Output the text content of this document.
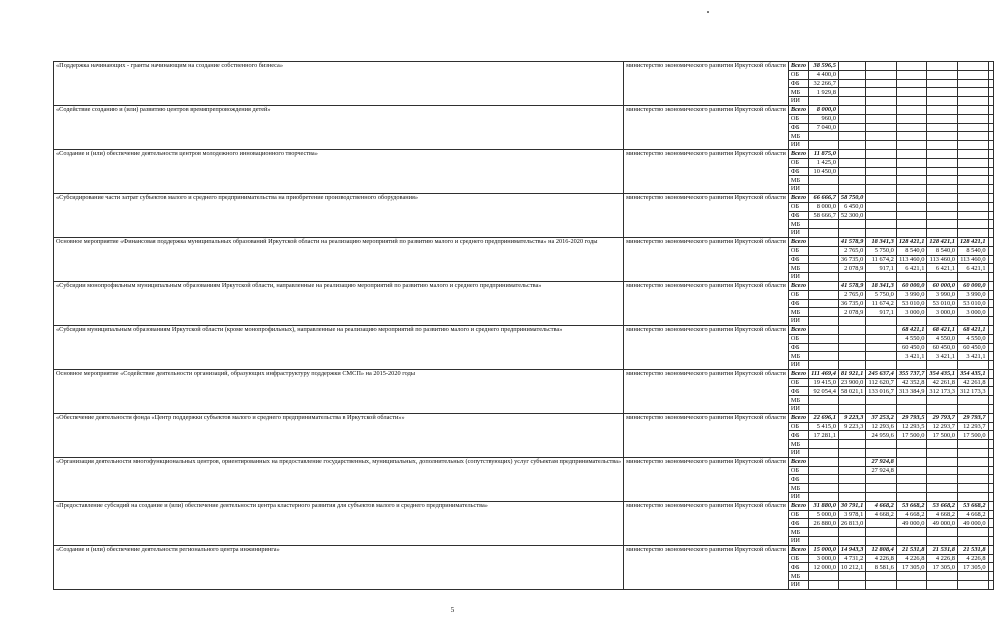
«Поддержка начинающих - гранты начинающим на создание собственного бизнеса»	министерство экономического развития Иркутской области	Всего	38 596,5						
		ОБ	4 400,0						
		ФБ	32 266,7						
		МБ	1 929,8						
		ИИ							
«Содействие созданию и (или) развитию центров времяпрепровождения детей»	министерство экономического развития Иркутской области	Всего	8 000,0						
		ОБ	960,0						
		ФБ	7 040,0						
		МБ							
		ИИ							
«Создание и (или) обеспечение деятельности центров молодежного инновационного творчества»	министерство экономического развития Иркутской области	Всего	11 875,0						
		ОБ	1 425,0						
		ФБ	10 450,0						
		МБ							
		ИИ							
«Субсидирование части затрат субъектов малого и среднего предпринимательства на приобретение производственного оборудования»	министерство экономического развития Иркутской области	Всего	66 666,7	58 750,0					
		ОБ	8 000,0	6 450,0					
		ФБ	58 666,7	52 300,0					
		МБ							
		ИИ							
Основное мероприятие «Финансовая поддержка муниципальных образований Иркутской области на реализацию мероприятий по развитию малого и среднего предпринимательства» на 2016-2020 годы	министерство экономического развития Иркутской области	Всего		41 578,9	18 341,3	128 421,1	128 421,1	128 421,1	
		ОБ		2 765,0	5 750,0	8 540,0	8 540,0	8 540,0	
		ФБ		36 735,0	11 674,2	113 460,0	113 460,0	113 460,0	
		МБ		2 078,9	917,1	6 421,1	6 421,1	6 421,1	
		ИИ							
«Субсидии монопрофильным муниципальным образованиям Иркутской области, направленные на реализацию мероприятий по развитию малого и среднего предпринимательства»	министерство экономического развития Иркутской области	Всего		41 578,9	18 341,3	60 000,0	60 000,0	60 000,0	
		ОБ		2 765,0	5 750,0	3 990,0	3 990,0	3 990,0	
		ФБ		36 735,0	11 674,2	53 010,0	53 010,0	53 010,0	
		МБ		2 078,9	917,1	3 000,0	3 000,0	3 000,0	
		ИИ							
«Субсидии муниципальным образованиям Иркутской области (кроме монопрофильных), направленные на реализацию мероприятий по развитию малого и среднего предпринимательства»	министерство экономического развития Иркутской области	Всего				68 421,1	68 421,1	68 421,1	
		ОБ				4 550,0	4 550,0	4 550,0	
		ФБ				60 450,0	60 450,0	60 450,0	
		МБ				3 421,1	3 421,1	3 421,1	
		ИИ							
Основное мероприятие «Содействие деятельности организаций, образующих инфраструктуру поддержки СМСП» на 2015-2020 годы	министерство экономического развития Иркутской области	Всего	111 469,4	81 921,1	245 637,4	355 737,7	354 435,1	354 435,1	
		ОБ	19 415,0	23 900,0	112 620,7	42 352,8	42 261,8	42 261,8	
		ФБ	92 054,4	58 021,1	133 016,7	313 384,9	312 173,3	312 173,3	
		МБ							
		ИИ							
«Обеспечение деятельности фонда «Центр поддержки субъектов малого и среднего предпринимательства в Иркутской области»»	министерство экономического развития Иркутской области	Всего	22 696,1	9 223,3	37 253,2	29 793,5	29 793,7	29 793,7	
		ОБ	5 415,0	9 223,3	12 293,6	12 293,5	12 293,7	12 293,7	
		ФБ	17 281,1		24 959,6	17 500,0	17 500,0	17 500,0	
		МБ							
		ИИ							
«Организация деятельности многофункциональных центров, ориентированных на предоставление государственных, муниципальных, дополнительных (сопутствующих) услуг субъектам предпринимательства»	министерство экономического развития Иркутской области	Всего			27 924,8				
		ОБ			27 924,8				
		ФБ							
		МБ							
		ИИ							
«Предоставление субсидий на создание и (или) обеспечение деятельности центра кластерного развития для субъектов малого и среднего предпринимательства»	министерство экономического развития Иркутской области	Всего	31 880,0	30 791,1	4 668,2	53 668,2	53 668,2	53 668,2	
		ОБ	5 000,0	3 978,1	4 668,2	4 668,2	4 668,2	4 668,2	
		ФБ	26 880,0	26 813,0		49 000,0	49 000,0	49 000,0	
		МБ							
		ИИ							
«Создание и (или) обеспечение деятельности регионального центра инжиниринга»	министерство экономического развития Иркутской области	Всего	15 000,0	14 943,3	12 808,4	21 531,8	21 531,8	21 531,8	
		ОБ	3 000,0	4 731,2	4 226,8	4 226,8	4 226,8	4 226,8	
		ФБ	12 000,0	10 212,1	8 581,6	17 305,0	17 305,0	17 305,0	
		МБ							
		ИИ							
5
